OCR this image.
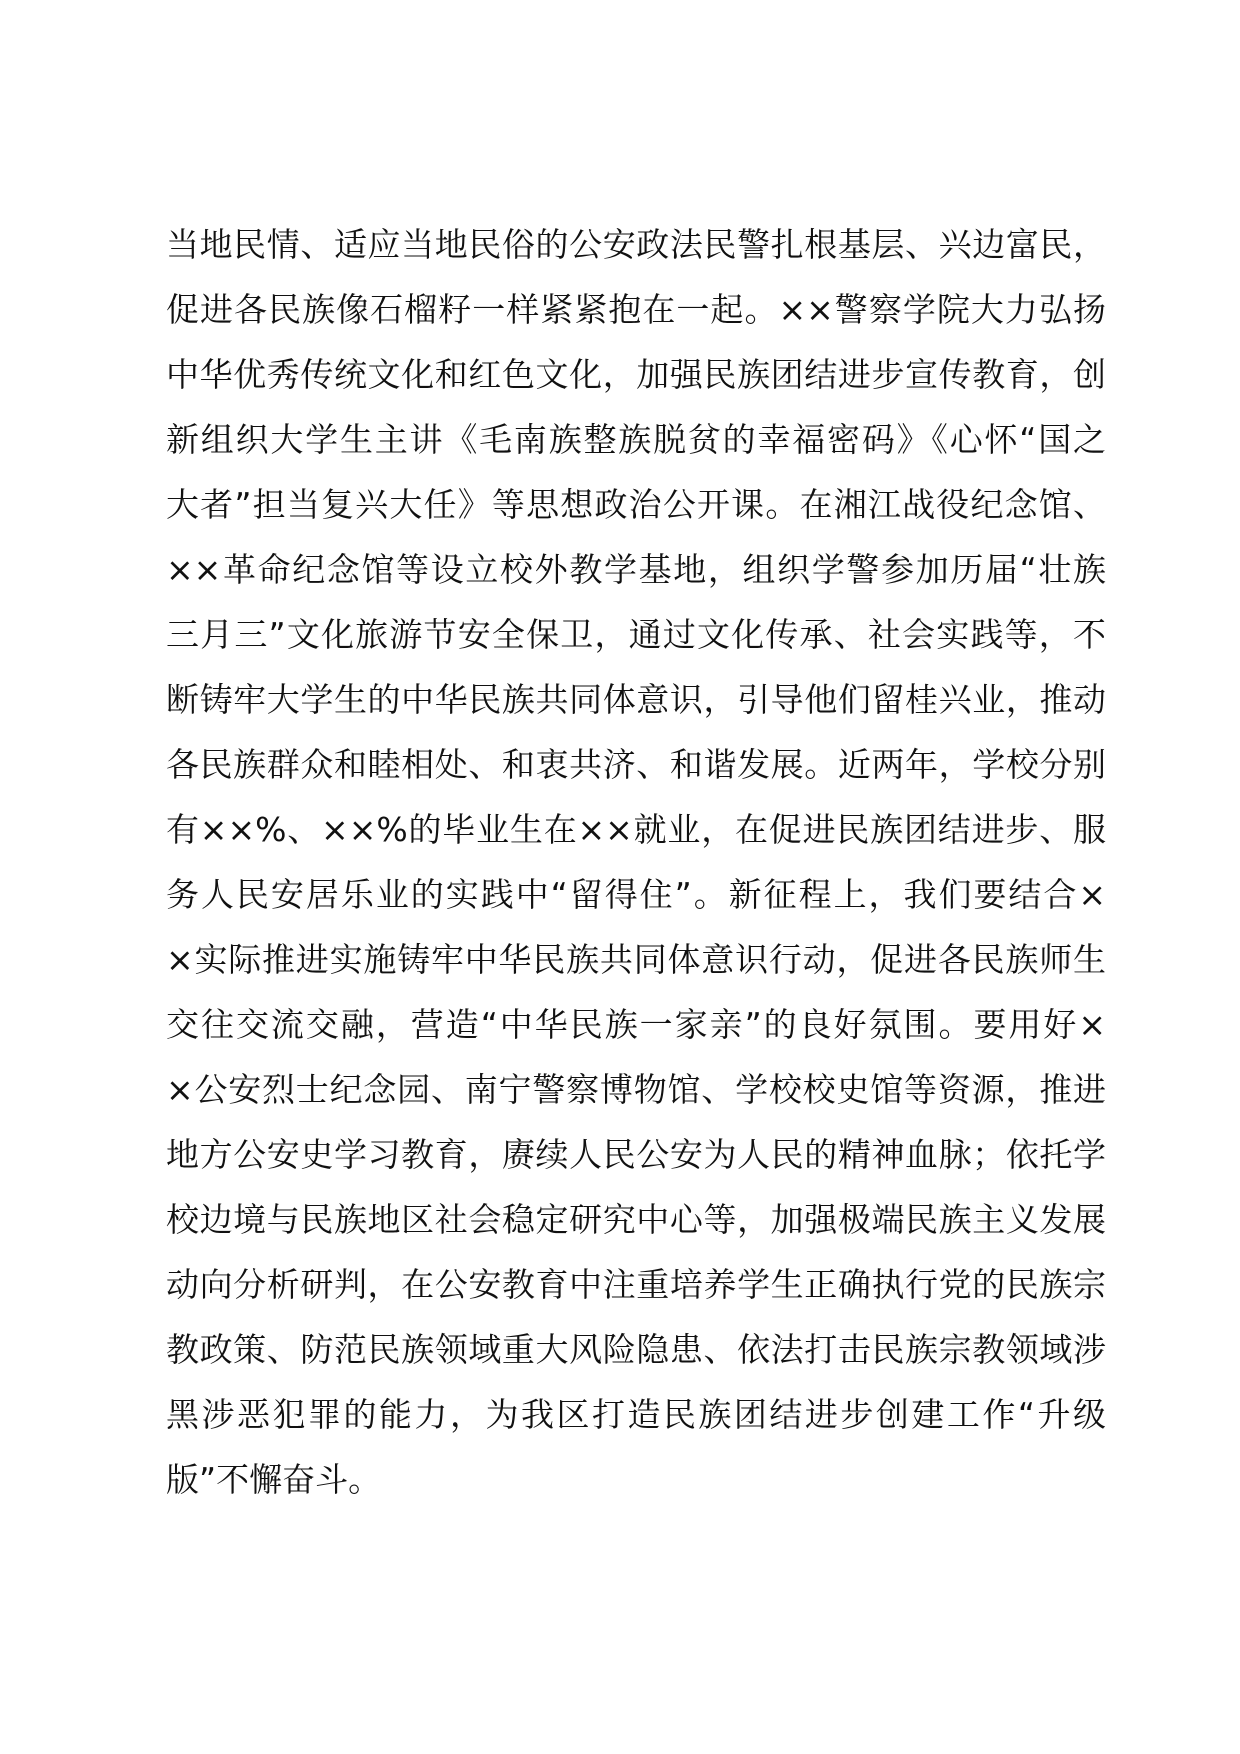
当地民情、适应当地民俗的公安政法民警扎根基层、兴边富民，
促进各民族像石榴籽一样紧紧抱在一起。××警察学院大力弘扬
中华优秀传统文化和红色文化，加强民族团结进步宣传教育，创
新组织大学生主讲《毛南族整族脱贫的幸福密码》《心怀“国之
大者”担当复兴大任》等思想政治公开课。在湘江战役纪念馆、
××革命纪念馆等设立校外教学基地，组织学警参加历届“壮族
三月三”文化旅游节安全保卫，通过文化传承、社会实践等，不
断铸牢大学生的中华民族共同体意识，引导他们留桂兴业，推动
各民族群众和睦相处、和衷共济、和谐发展。近两年，学校分别
有××%、××%的毕业生在××就业，在促进民族团结进步、服
务人民安居乐业的实践中“留得住”。新征程上，我们要结合×
×实际推进实施铸牢中华民族共同体意识行动，促进各民族师生
交往交流交融，营造“中华民族一家亲”的良好氛围。要用好×
×公安烈士纪念园、南宁警察博物馆、学校校史馆等资源，推进
地方公安史学习教育，赓续人民公安为人民的精神血脉；依托学
校边境与民族地区社会稳定研究中心等，加强极端民族主义发展
动向分析研判，在公安教育中注重培养学生正确执行党的民族宗
教政策、防范民族领域重大风险隐患、依法打击民族宗教领域涉
黑涉恶犯罪的能力，为我区打造民族团结进步创建工作“升级
版”不懈奋斗。
